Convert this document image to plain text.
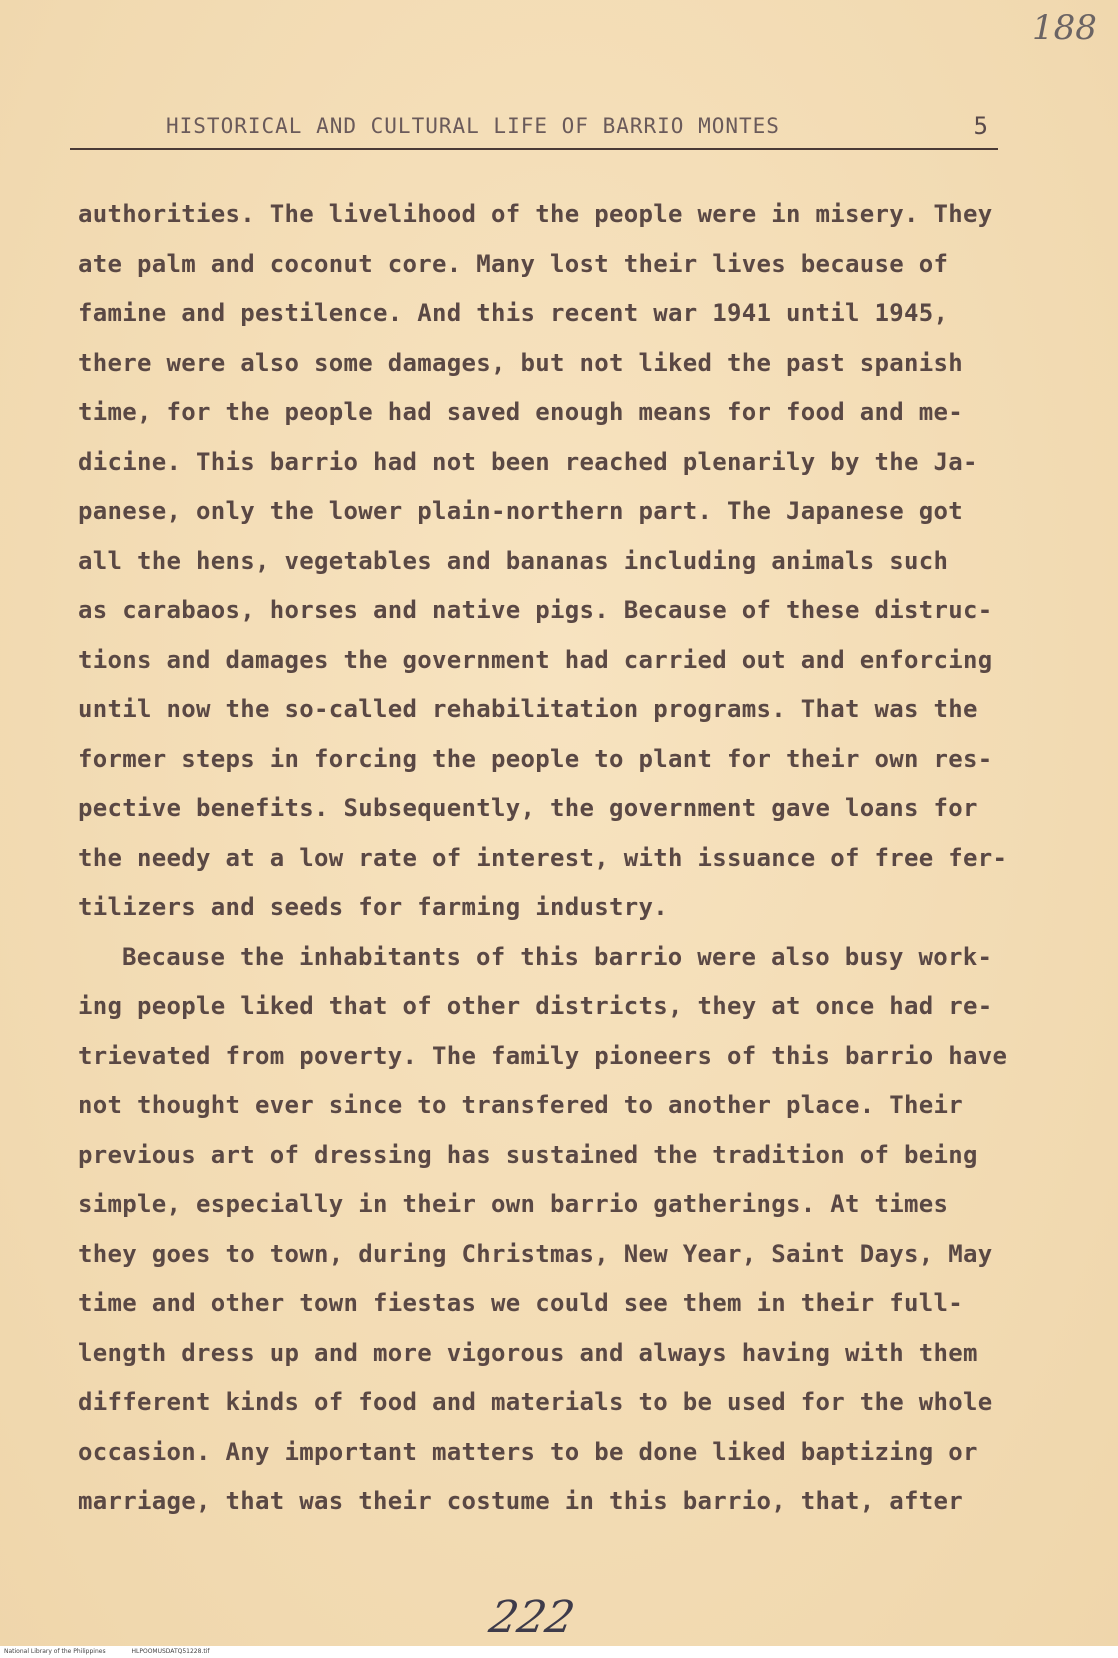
188
HISTORICAL AND CULTURAL LIFE OF BARRIO MONTES	5
authorities. The livelihood of the people were in misery. They
ate palm and coconut core. Many lost their lives because of
famine and pestilence. And this recent war 1941 until 1945,
there were also some damages, but not liked the past spanish
time, for the people had saved enough means for food and me-
dicine. This barrio had not been reached plenarily by the Ja-
panese, only the lower plain-northern part. The Japanese got
all the hens, vegetables and bananas including animals such
as carabaos, horses and native pigs. Because of these distruc-
tions and damages the government had carried out and enforcing
until now the so-called rehabilitation programs. That was the
former steps in forcing the people to plant for their own res-
pective benefits. Subsequently, the government gave loans for
the needy at a low rate of interest, with issuance of free fer-
tilizers and seeds for farming industry.
Because the inhabitants of this barrio were also busy work-
ing people liked that of other districts, they at once had re-
trievated from poverty. The family pioneers of this barrio have
not thought ever since to transfered to another place. Their
previous art of dressing has sustained the tradition of being
simple, especially in their own barrio gatherings. At times
they goes to town, during Christmas, New Year, Saint Days, May
time and other town fiestas we could see them in their full-
length dress up and more vigorous and always having with them
different kinds of food and materials to be used for the whole
occasion. Any important matters to be done liked baptizing or
marriage, that was their costume in this barrio, that, after
222
National Library of the Philippines	HLPOOMUSDATQ51228.tif
